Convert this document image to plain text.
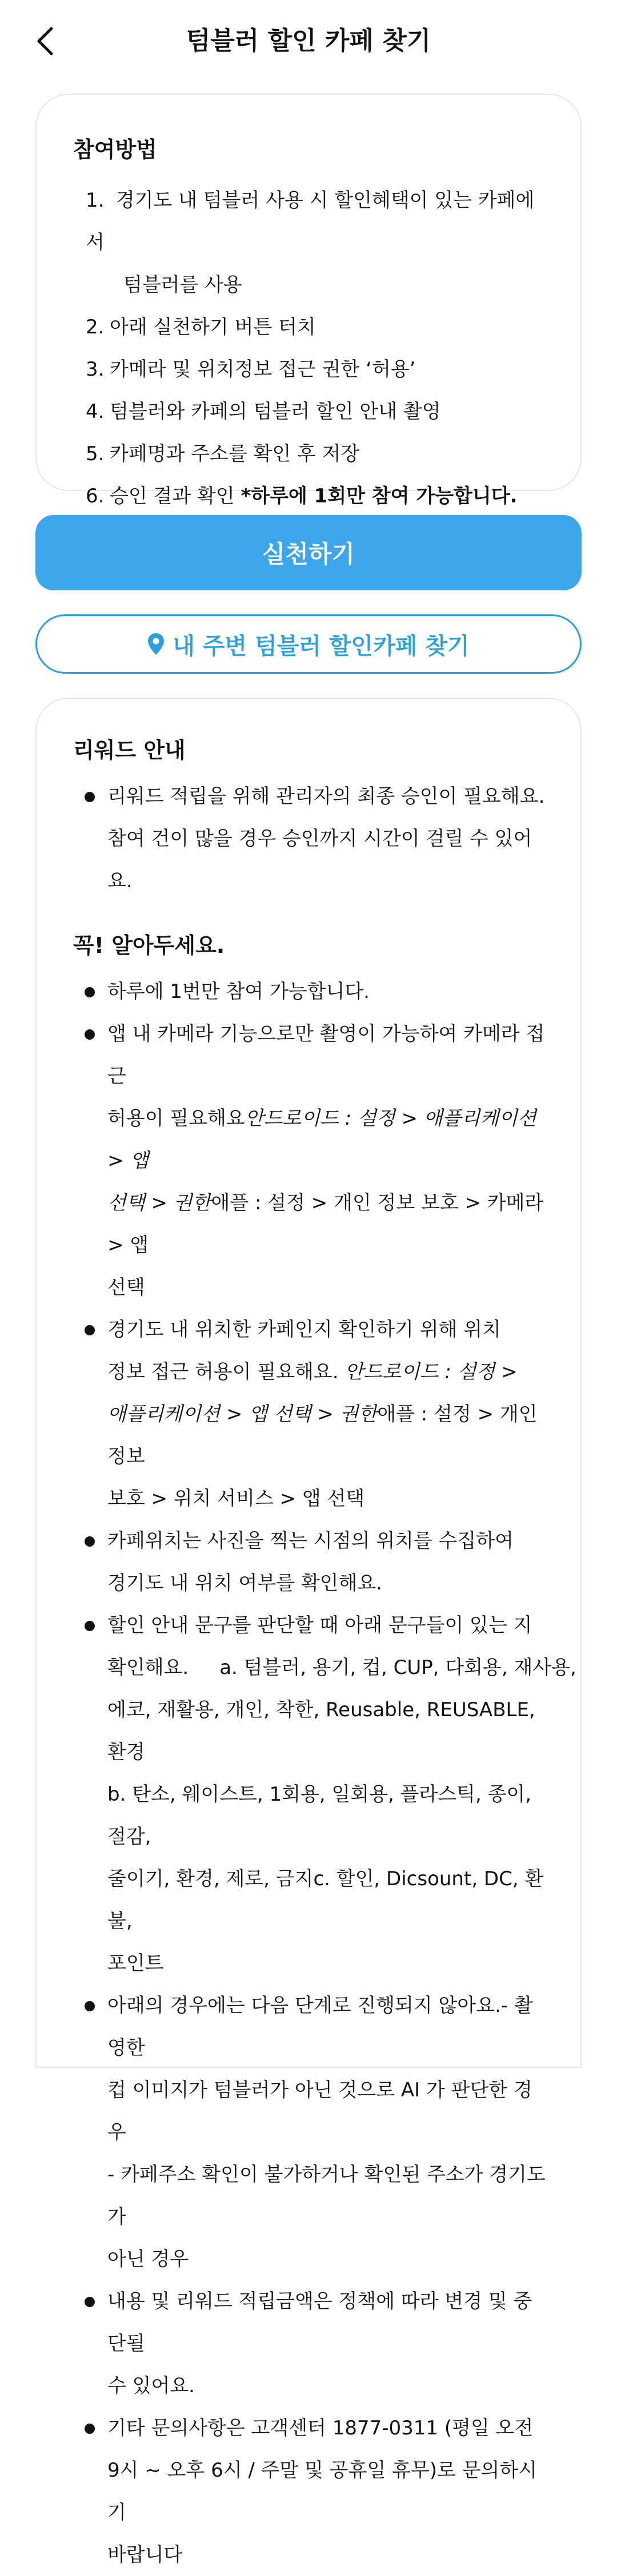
텀블러 할인 카페 찾기
참여방법
1. 경기도 내 텀블러 사용 시 할인혜택이 있는 카페에서
텀블러를 사용
2. 아래 실천하기 버튼 터치
3. 카메라 및 위치정보 접근 권한 ‘허용’
4. 텀블러와 카페의 텀블러 할인 안내 촬영
5. 카페명과 주소를 확인 후 저장
6. 승인 결과 확인 *하루에 1회만 참여 가능합니다.
실천하기
내 주변 텀블러 할인카페 찾기
리워드 안내
리워드 적립을 위해 관리자의 최종 승인이 필요해요.
참여 건이 많을 경우 승인까지 시간이 걸릴 수 있어요.
꼭! 알아두세요.
하루에 1번만 참여 가능합니다.
앱 내 카메라 기능으로만 촬영이 가능하여 카메라 접근
허용이 필요해요안드로이드 : 설정 > 애플리케이션 > 앱
선택 > 권한애플 : 설정 > 개인 정보 보호 > 카메라 > 앱
선택
경기도 내 위치한 카페인지 확인하기 위해 위치
정보 접근 허용이 필요해요. 안드로이드 : 설정 >
애플리케이션 > 앱 선택 > 권한애플 : 설정 > 개인 정보
보호 > 위치 서비스 > 앱 선택
카페위치는 사진을 찍는 시점의 위치를 수집하여
경기도 내 위치 여부를 확인해요.
할인 안내 문구를 판단할 때 아래 문구들이 있는 지
확인해요.     a. 텀블러, 용기, 컵, CUP, 다회용, 재사용,
에코, 재활용, 개인, 착한, Reusable, REUSABLE, 환경
b. 탄소, 웨이스트, 1회용, 일회용, 플라스틱, 종이, 절감,
줄이기, 환경, 제로, 금지c. 할인, Dicsount, DC, 환불,
포인트
아래의 경우에는 다음 단계로 진행되지 않아요.- 촬영한
컵 이미지가 텀블러가 아닌 것으로 AI 가 판단한 경우
- 카페주소 확인이 불가하거나 확인된 주소가 경기도가
아닌 경우
내용 및 리워드 적립금액은 정책에 따라 변경 및 중단될
수 있어요.
기타 문의사항은 고객센터 1877-0311 (평일 오전
9시 ~ 오후 6시 / 주말 및 공휴일 휴무)로 문의하시기
바랍니다
